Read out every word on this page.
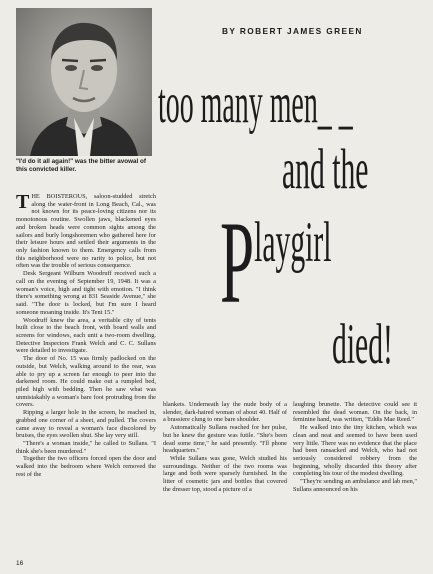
BY ROBERT JAMES GREEN
"I'd do it all again!" was the bitter avowal of this convicted killer.
too many men_ _
and the
Playgirl
died!

THE BOISTEROUS, saloon-studded stretch along the water-front in Long Beach, Cal., was not known for its peace-loving citizens nor its monotonous routine. Swollen jaws, blackened eyes and broken heads were common sights among the sailors and burly longshoremen who gathered here for their leisure hours and settled their arguments in the only fashion known to them. Emergency calls from this neighborhood were no rarity to police, but not often was the trouble of serious consequence.

Desk Sergeant Wilburn Woodruff received such a call on the evening of September 19, 1948. It was a woman's voice, high and tight with emotion. "I think there's something wrong at 831 Seaside Avenue," she said. "The door is locked, but I'm sure I heard someone moaning inside. It's Tent 15."

Woodruff knew the area, a veritable city of tents built close to the beach front, with board walls and screens for windows, each unit a two-room dwelling. Detective Inspectors Frank Welch and C. C. Sullans were detailed to investigate.

The door of No. 15 was firmly padlocked on the outside, but Welch, walking around to the rear, was able to pry up a screen far enough to peer into the darkened room. He could make out a rumpled bed, piled high with bedding. Then he saw what was unmistakably a woman's bare foot protruding from the covers.

Ripping a larger hole in the screen, he reached in, grabbed one corner of a sheet, and pulled. The covers came away to reveal a woman's face discolored by bruises, the eyes swollen shut. She lay very still.

"There's a woman inside," he called to Sullans. "I think she's been murdered."

Together the two officers forced open the door and walked into the bedroom where Welch removed the rest of the

blankets. Underneath lay the nude body of a slender, dark-haired woman of about 40. Half of a brassiere clung to one bare shoulder.

Automatically Sullans reached for her pulse, but he knew the gesture was futile. "She's been dead some time," he said presently. "I'll phone headquarters."

While Sullans was gone, Welch studied his surroundings. Neither of the two rooms was large and both were sparsely furnished. In the litter of cosmetic jars and bottles that covered the dresser top, stood a picture of a

laughing brunette. The detective could see it resembled the dead woman. On the back, in feminine hand, was written, "Eddis Mae Reed."

He walked into the tiny kitchen, which was clean and neat and seemed to have been used very little. There was no evidence that the place had been ransacked and Welch, who had not seriously considered robbery from the beginning, wholly discarded this theory after completing his tour of the modest dwelling.

"They're sending an ambulance and lab men," Sullans announced on his

16
